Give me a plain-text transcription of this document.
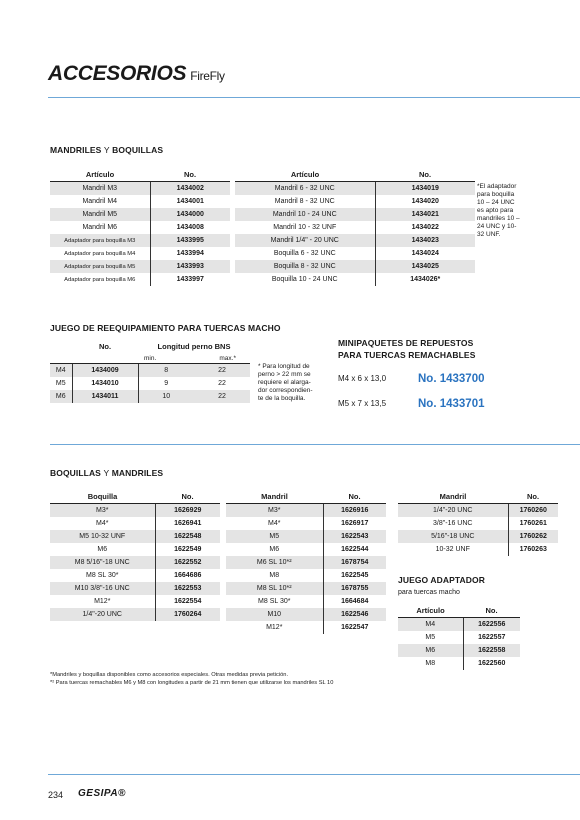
ACCESORIOS FireFly
MANDRILES Y BOQUILLAS
Artículo	No.
Mandril M3	1434002
Mandril M4	1434001
Mandril M5	1434000
Mandril M6	1434008
Adaptador para boquilla M3	1433995
Adaptador para boquilla M4	1433994
Adaptador para boquilla M5	1433993
Adaptador para boquilla M6	1433997
Artículo	No.
Mandril 6 - 32 UNC	1434019
Mandril 8 - 32 UNC	1434020
Mandril 10 - 24 UNC	1434021
Mandril 10 - 32 UNF	1434022
Mandril 1/4" - 20 UNC	1434023
Boquilla 6 - 32 UNC	1434024
Boquilla 8 - 32 UNC	1434025
Boquilla 10 - 24 UNC	1434026*
*El adaptador
para boquilla
10 – 24 UNC
es apto para
mandriles 10 –
24 UNC y 10-
32 UNF.
JUEGO DE REEQUIPAMIENTO PARA TUERCAS MACHO
	No.	Longitud perno BNS	
		min.	max.*
M4	1434009	8	22
M5	1434010	9	22
M6	1434011	10	22
* Para longitud de
perno > 22 mm se
requiere el alarga-
dor correspondien-
te de la boquilla.
MINIPAQUETES DE REPUESTOS
PARA TUERCAS REMACHABLES
M4 x 6 x 13,0	No. 1433700
M5 x 7 x 13,5	No. 1433701
BOQUILLAS Y MANDRILES
Boquilla	No.
M3*	1626929
M4*	1626941
M5 10-32 UNF	1622548
M6	1622549
M8 5/16"-18 UNC	1622552
M8 SL 30*	1664686
M10 3/8"-16 UNC	1622553
M12*	1622554
1/4"-20 UNC	1760264
Mandril	No.
M3*	1626916
M4*	1626917
M5	1622543
M6	1622544
M6 SL 10*²	1678754
M8	1622545
M8 SL 10*²	1678755
M8 SL 30*	1664684
M10	1622546
M12*	1622547
Mandril	No.
1/4"-20 UNC	1760260
3/8"-16 UNC	1760261
5/16"-18 UNC	1760262
10-32 UNF	1760263
JUEGO ADAPTADOR
para tuercas macho
Artículo	No.
M4	1622556
M5	1622557
M6	1622558
M8	1622560
*Mandriles y boquillas disponibles como accesorios especiales. Otras medidas previa petición.
*² Para tuercas remachables M6 y M8 con longitudes a partir de 21 mm tienen que utilizarse los mandriles SL 10
234 GESIPA®
